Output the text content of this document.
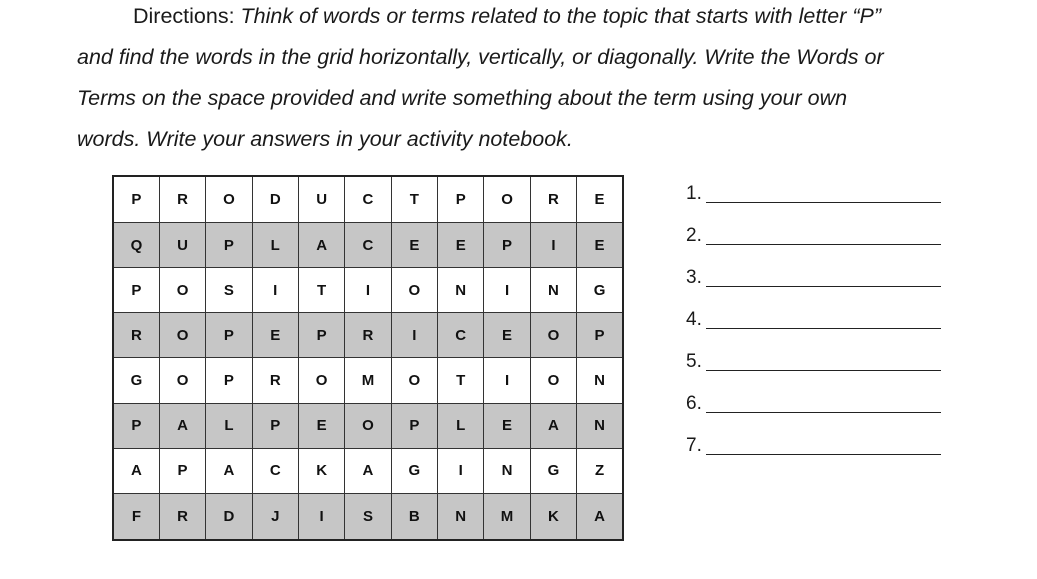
Directions: Think of words or terms related to the topic that starts with letter “P”
and find the words in the grid horizontally, vertically, or diagonally. Write the Words or
Terms on the space provided and write something about the term using your own
words. Write your answers in your activity notebook.
P	R	O	D	U	C	T	P	O	R	E
Q	U	P	L	A	C	E	E	P	I	E
P	O	S	I	T	I	O	N	I	N	G
R	O	P	E	P	R	I	C	E	O	P
G	O	P	R	O	M	O	T	I	O	N
P	A	L	P	E	O	P	L	E	A	N
A	P	A	C	K	A	G	I	N	G	Z
F	R	D	J	I	S	B	N	M	K	A
1.
2.
3.
4.
5.
6.
7.
